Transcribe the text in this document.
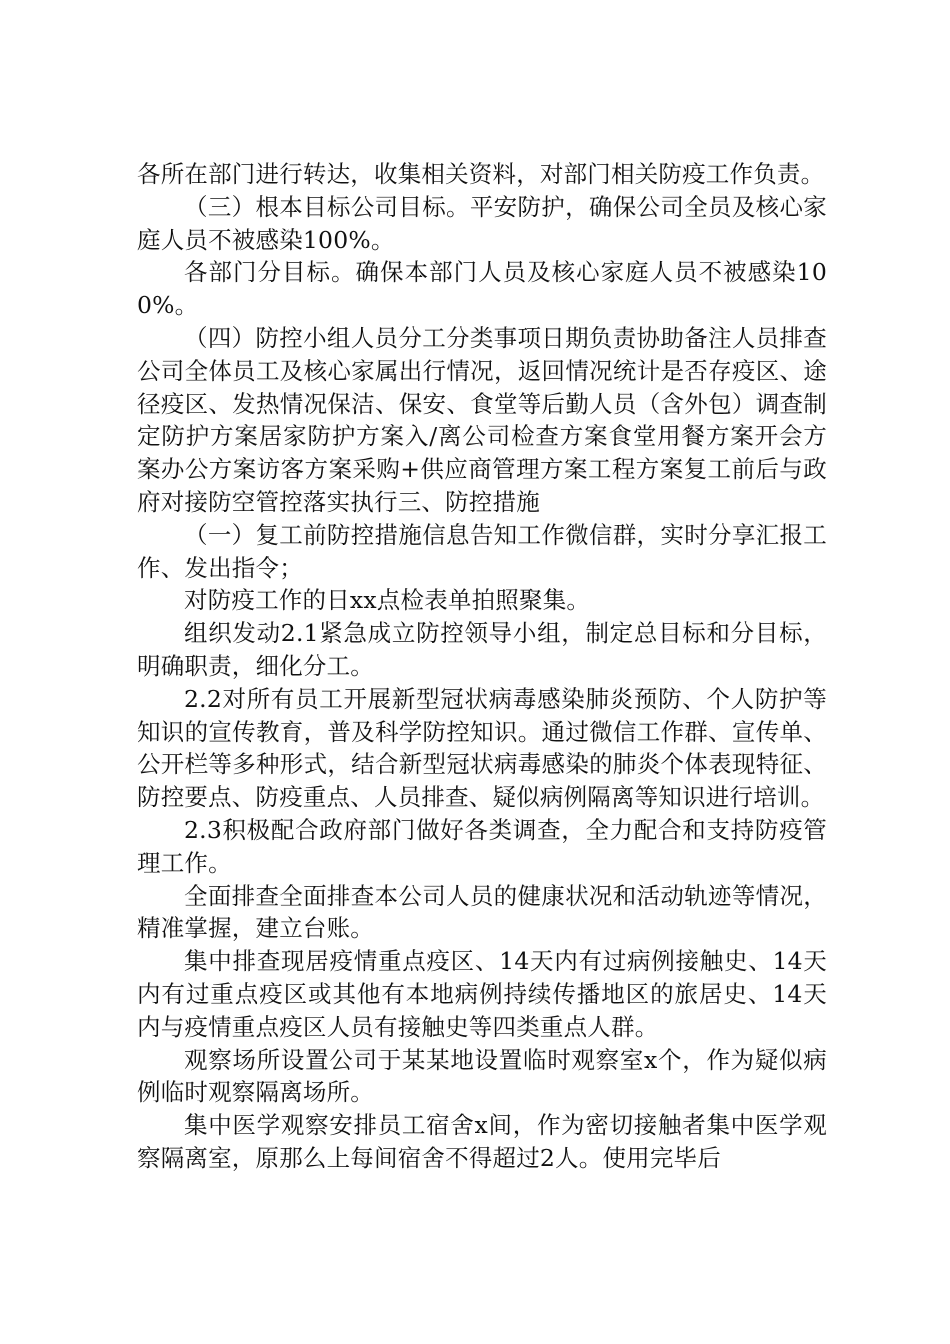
各所在部门进行转达，收集相关资料，对部门相关防疫工作负责。

（三）根本目标公司目标。平安防护，确保公司全员及核心家庭人员不被感染100%。

各部门分目标。确保本部门人员及核心家庭人员不被感染100%。

（四）防控小组人员分工分类事项日期负责协助备注人员排查公司全体员工及核心家属出行情况，返回情况统计是否存疫区、途径疫区、发热情况保洁、保安、食堂等后勤人员（含外包）调查制定防护方案居家防护方案入/离公司检查方案食堂用餐方案开会方案办公方案访客方案采购+供应商管理方案工程方案复工前后与政府对接防空管控落实执行三、防控措施

（一）复工前防控措施信息告知工作微信群，实时分享汇报工作、发出指令；

对防疫工作的日xx点检表单拍照聚集。

组织发动2.1紧急成立防控领导小组，制定总目标和分目标，明确职责，细化分工。

2.2对所有员工开展新型冠状病毒感染肺炎预防、个人防护等知识的宣传教育，普及科学防控知识。通过微信工作群、宣传单、公开栏等多种形式，结合新型冠状病毒感染的肺炎个体表现特征、防控要点、防疫重点、人员排查、疑似病例隔离等知识进行培训。

2.3积极配合政府部门做好各类调查，全力配合和支持防疫管理工作。

全面排查全面排查本公司人员的健康状况和活动轨迹等情况，精准掌握，建立台账。

集中排查现居疫情重点疫区、14天内有过病例接触史、14天内有过重点疫区或其他有本地病例持续传播地区的旅居史、14天内与疫情重点疫区人员有接触史等四类重点人群。

观察场所设置公司于某某地设置临时观察室x个，作为疑似病例临时观察隔离场所。

集中医学观察安排员工宿舍x间，作为密切接触者集中医学观察隔离室，原那么上每间宿舍不得超过2人。使用完毕后
